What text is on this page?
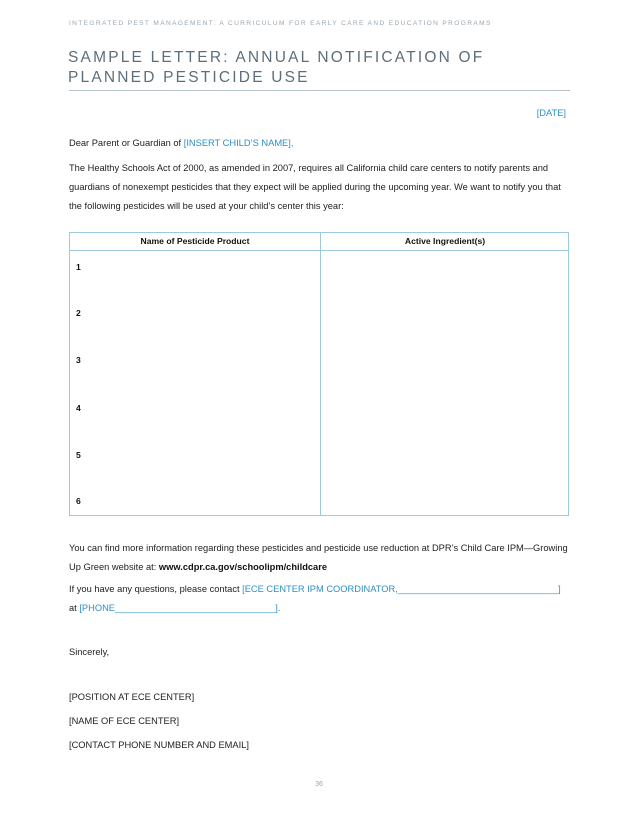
INTEGRATED PEST MANAGEMENT: A CURRICULUM FOR EARLY CARE AND EDUCATION PROGRAMS
SAMPLE LETTER: ANNUAL NOTIFICATION OF PLANNED PESTICIDE USE
[DATE]
Dear Parent or Guardian of [INSERT CHILD’S NAME],
The Healthy Schools Act of 2000, as amended in 2007, requires all California child care centers to notify parents and guardians of nonexempt pesticides that they expect will be applied during the upcoming year. We want to notify you that the following pesticides will be used at your child’s center this year:
Name of Pesticide Product	Active Ingredient(s)
1
2
3
4
5
6
You can find more information regarding these pesticides and pesticide use reduction at DPR’s Child Care IPM—Growing Up Green website at: www.cdpr.ca.gov/schoolipm/childcare
If you have any questions, please contact [ECE CENTER IPM COORDINATOR,_______________________________]
at [PHONE_______________________________].
Sincerely,
[POSITION AT ECE CENTER]
[NAME OF ECE CENTER]
[CONTACT PHONE NUMBER AND EMAIL]
36
